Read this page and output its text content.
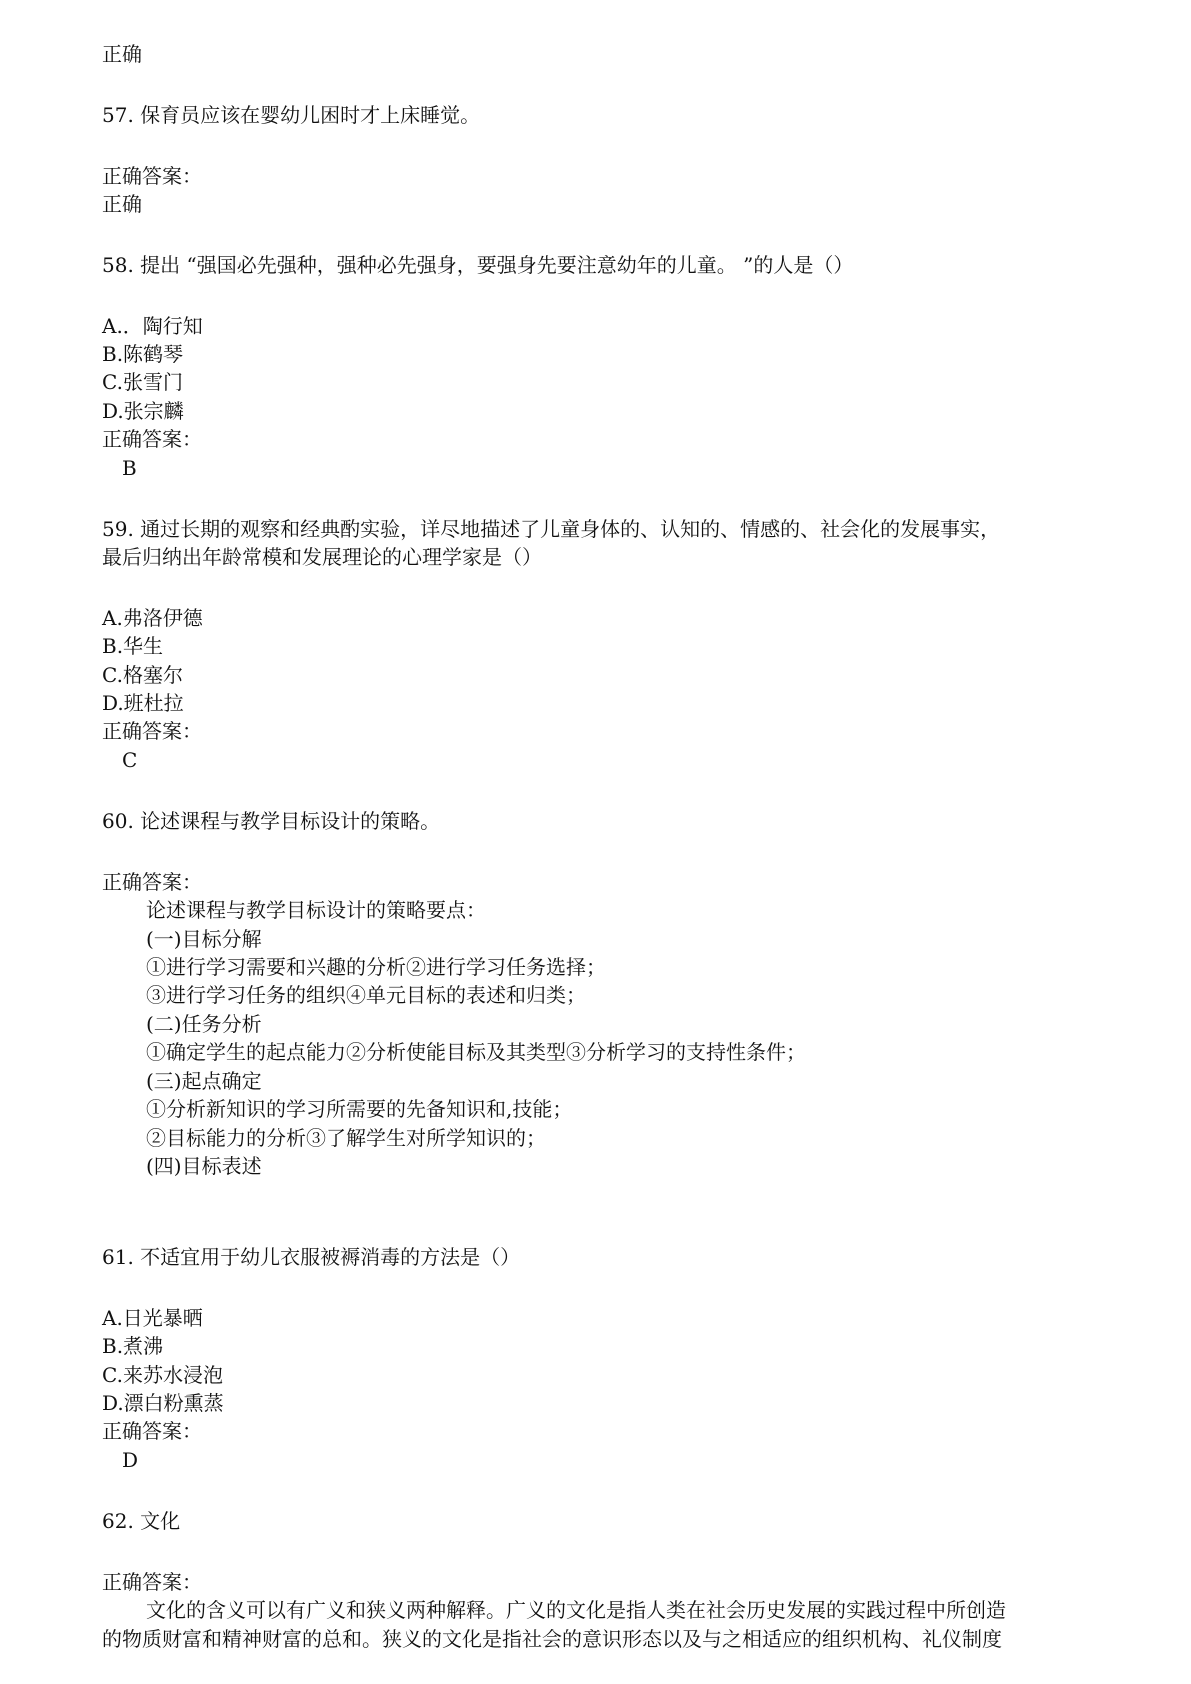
正确
57. 保育员应该在婴幼儿困时才上床睡觉。
正确答案：
正确
58. 提出 “强国必先强种，强种必先强身，要强身先要注意幼年的儿童。 ”的人是（）
A.．陶行知
B.陈鹤琴
C.张雪门
D.张宗麟
正确答案：
B
59. 通过长期的观察和经典酌实验，详尽地描述了儿童身体的、认知的、情感的、社会化的发展事实，
最后归纳出年龄常模和发展理论的心理学家是（）
A.弗洛伊德
B.华生
C.格塞尔
D.班杜拉
正确答案：
C
60. 论述课程与教学目标设计的策略。
正确答案：
论述课程与教学目标设计的策略要点：
(一)目标分解
①进行学习需要和兴趣的分析②进行学习任务选择；
③进行学习任务的组织④单元目标的表述和归类；
(二)任务分析
①确定学生的起点能力②分析使能目标及其类型③分析学习的支持性条件；
(三)起点确定
①分析新知识的学习所需要的先备知识和,技能；
②目标能力的分析③了解学生对所学知识的；
(四)目标表述
61. 不适宜用于幼儿衣服被褥消毒的方法是（）
A.日光暴晒
B.煮沸
C.来苏水浸泡
D.漂白粉熏蒸
正确答案：
D
62. 文化
正确答案：
文化的含义可以有广义和狭义两种解释。广义的文化是指人类在社会历史发展的实践过程中所创造
的物质财富和精神财富的总和。狭义的文化是指社会的意识形态以及与之相适应的组织机构、礼仪制度
